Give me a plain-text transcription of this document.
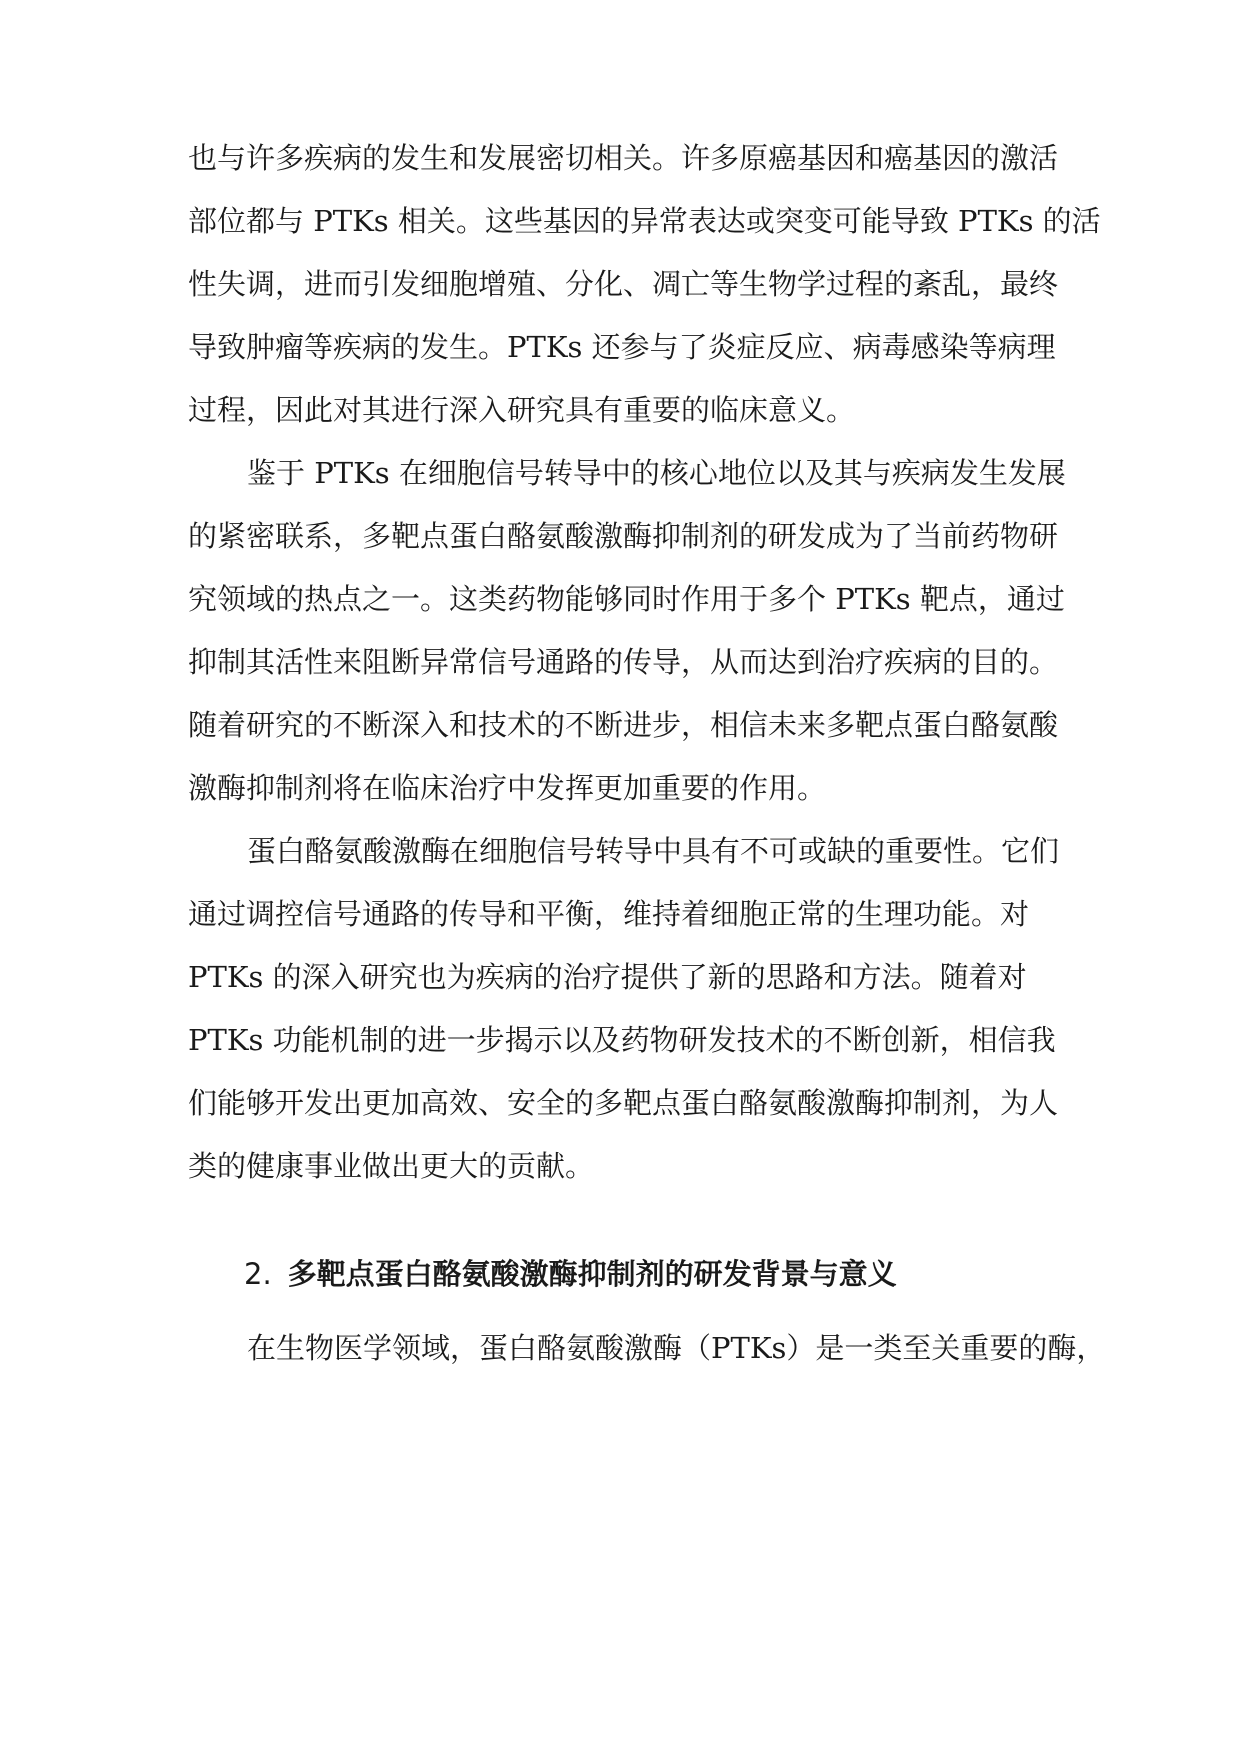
也与许多疾病的发生和发展密切相关。许多原癌基因和癌基因的激活
部位都与 PTKs 相关。这些基因的异常表达或突变可能导致 PTKs 的活
性失调，进而引发细胞增殖、分化、凋亡等生物学过程的紊乱，最终
导致肿瘤等疾病的发生。PTKs 还参与了炎症反应、病毒感染等病理
过程，因此对其进行深入研究具有重要的临床意义。
鉴于 PTKs 在细胞信号转导中的核心地位以及其与疾病发生发展
的紧密联系，多靶点蛋白酪氨酸激酶抑制剂的研发成为了当前药物研
究领域的热点之一。这类药物能够同时作用于多个 PTKs 靶点，通过
抑制其活性来阻断异常信号通路的传导，从而达到治疗疾病的目的。
随着研究的不断深入和技术的不断进步，相信未来多靶点蛋白酪氨酸
激酶抑制剂将在临床治疗中发挥更加重要的作用。
蛋白酪氨酸激酶在细胞信号转导中具有不可或缺的重要性。它们
通过调控信号通路的传导和平衡，维持着细胞正常的生理功能。对
PTKs 的深入研究也为疾病的治疗提供了新的思路和方法。随着对
PTKs 功能机制的进一步揭示以及药物研发技术的不断创新，相信我
们能够开发出更加高效、安全的多靶点蛋白酪氨酸激酶抑制剂，为人
类的健康事业做出更大的贡献。
2. 多靶点蛋白酪氨酸激酶抑制剂的研发背景与意义
在生物医学领域，蛋白酪氨酸激酶（PTKs）是一类至关重要的酶，
